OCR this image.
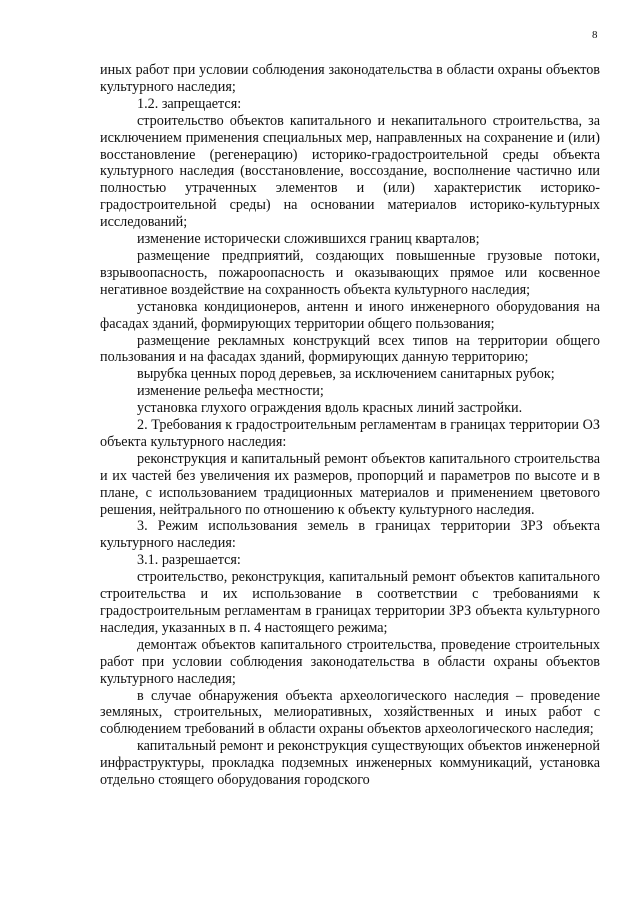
8

иных работ при условии соблюдения законодательства в области охраны объектов культурного наследия;

1.2. запрещается:

строительство объектов капитального и некапитального строительства, за исключением применения специальных мер, направленных на сохранение и (или) восстановление (регенерацию) историко-градостроительной среды объекта культурного наследия (восстановление, воссоздание, восполнение частично или полностью утраченных элементов и (или) характеристик историко-градостроительной среды) на основании материалов историко-культурных исследований;

изменение исторически сложившихся границ кварталов;

размещение предприятий, создающих повышенные грузовые потоки, взрывоопасность, пожароопасность и оказывающих прямое или косвенное негативное воздействие на сохранность объекта культурного наследия;

установка кондиционеров, антенн и иного инженерного оборудования на фасадах зданий, формирующих территории общего пользования;

размещение рекламных конструкций всех типов на территории общего пользования и на фасадах зданий, формирующих данную территорию;

вырубка ценных пород деревьев, за исключением санитарных рубок;

изменение рельефа местности;

установка глухого ограждения вдоль красных линий застройки.

2. Требования к градостроительным регламентам в границах территории ОЗ объекта культурного наследия:

реконструкция и капитальный ремонт объектов капитального строительства и их частей без увеличения их размеров, пропорций и параметров по высоте и в плане, с использованием традиционных материалов и применением цветового решения, нейтрального по отношению к объекту культурного наследия.

3. Режим использования земель в границах территории ЗРЗ объекта культурного наследия:

3.1. разрешается:

строительство, реконструкция, капитальный ремонт объектов капитального строительства и их использование в соответствии с требованиями к градостроительным регламентам в границах территории ЗРЗ объекта культурного наследия, указанных в п. 4 настоящего режима;

демонтаж объектов капитального строительства, проведение строительных работ при условии соблюдения законодательства в области охраны объектов культурного наследия;

в случае обнаружения объекта археологического наследия – проведение земляных, строительных, мелиоративных, хозяйственных и иных работ с соблюдением требований в области охраны объектов археологического наследия;

капитальный ремонт и реконструкция существующих объектов инженерной инфраструктуры, прокладка подземных инженерных коммуникаций, установка отдельно стоящего оборудования городского
